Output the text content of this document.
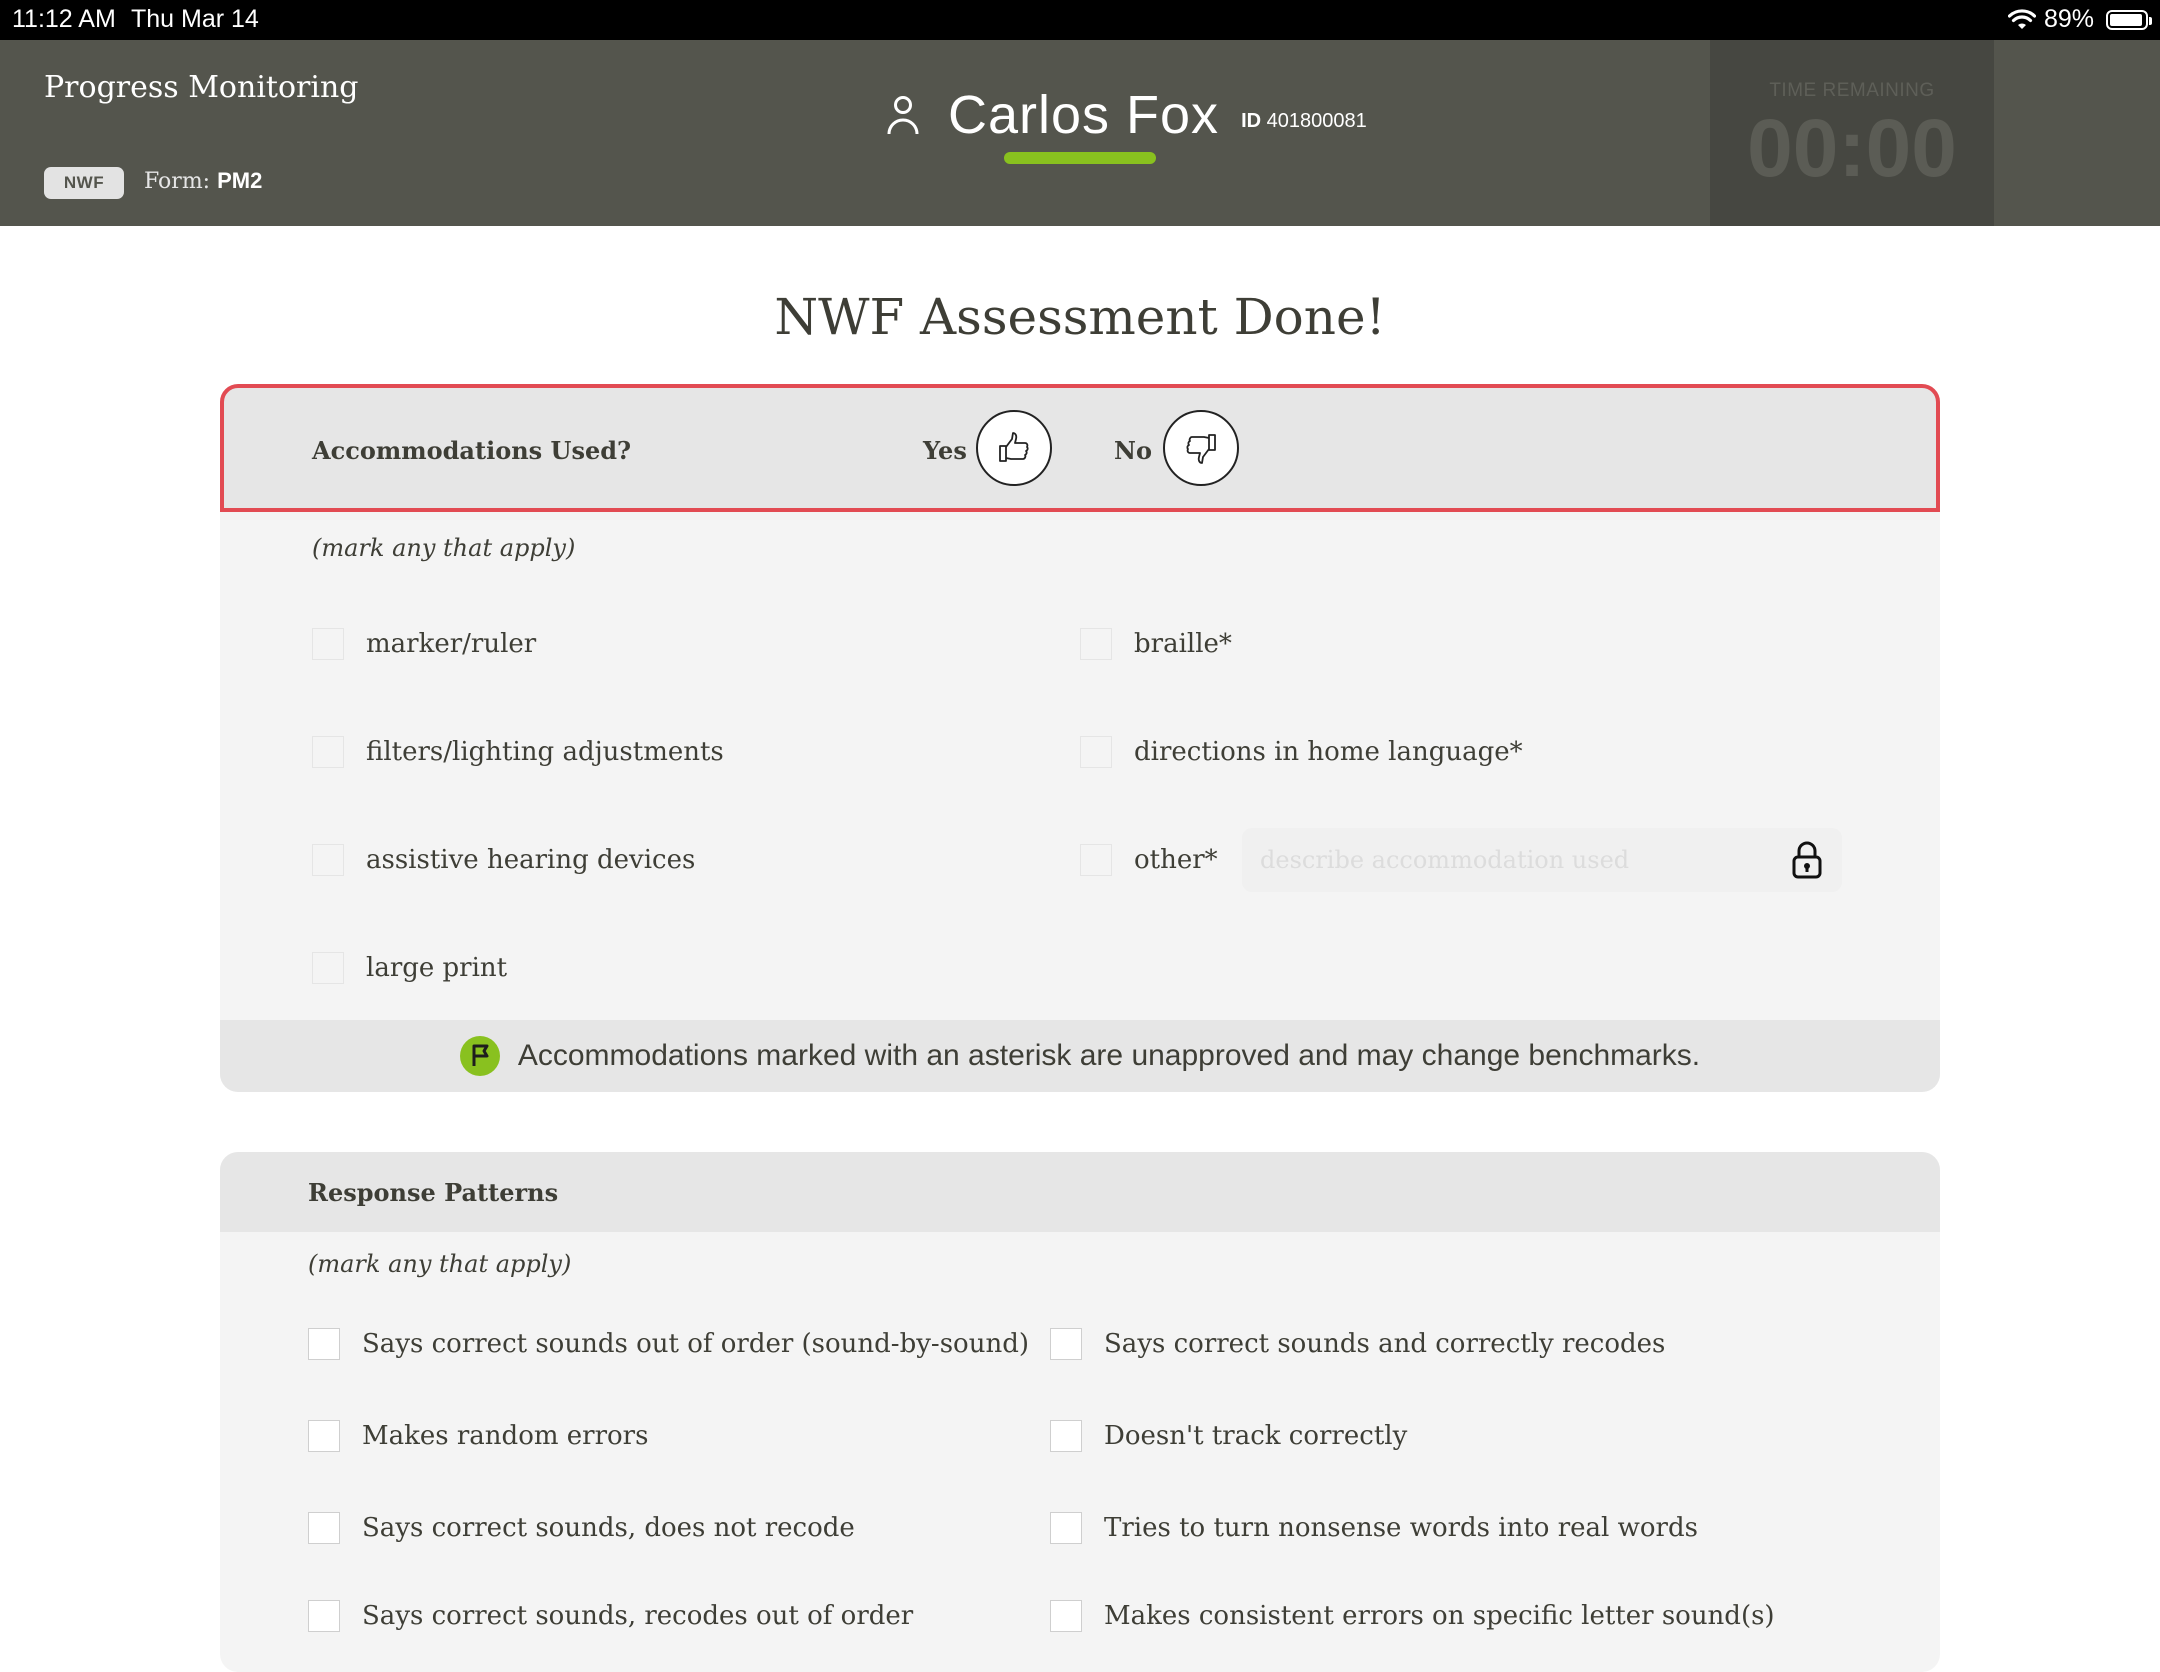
11:12 AM Thu Mar 14	89%
Progress Monitoring
NWF	Form: PM2
Carlos Fox ID 401800081
TIME REMAINING
00:00
NWF Assessment Done!
Accommodations Used?	Yes	No
(mark any that apply)
marker/ruler	braille*
filters/lighting adjustments	directions in home language*
assistive hearing devices	other*
describe accommodation used
large print
Accommodations marked with an asterisk are unapproved and may change benchmarks.
Response Patterns
(mark any that apply)
Says correct sounds out of order (sound-by-sound)	Says correct sounds and correctly recodes
Makes random errors	Doesn't track correctly
Says correct sounds, does not recode	Tries to turn nonsense words into real words
Says correct sounds, recodes out of order	Makes consistent errors on specific letter sound(s)
